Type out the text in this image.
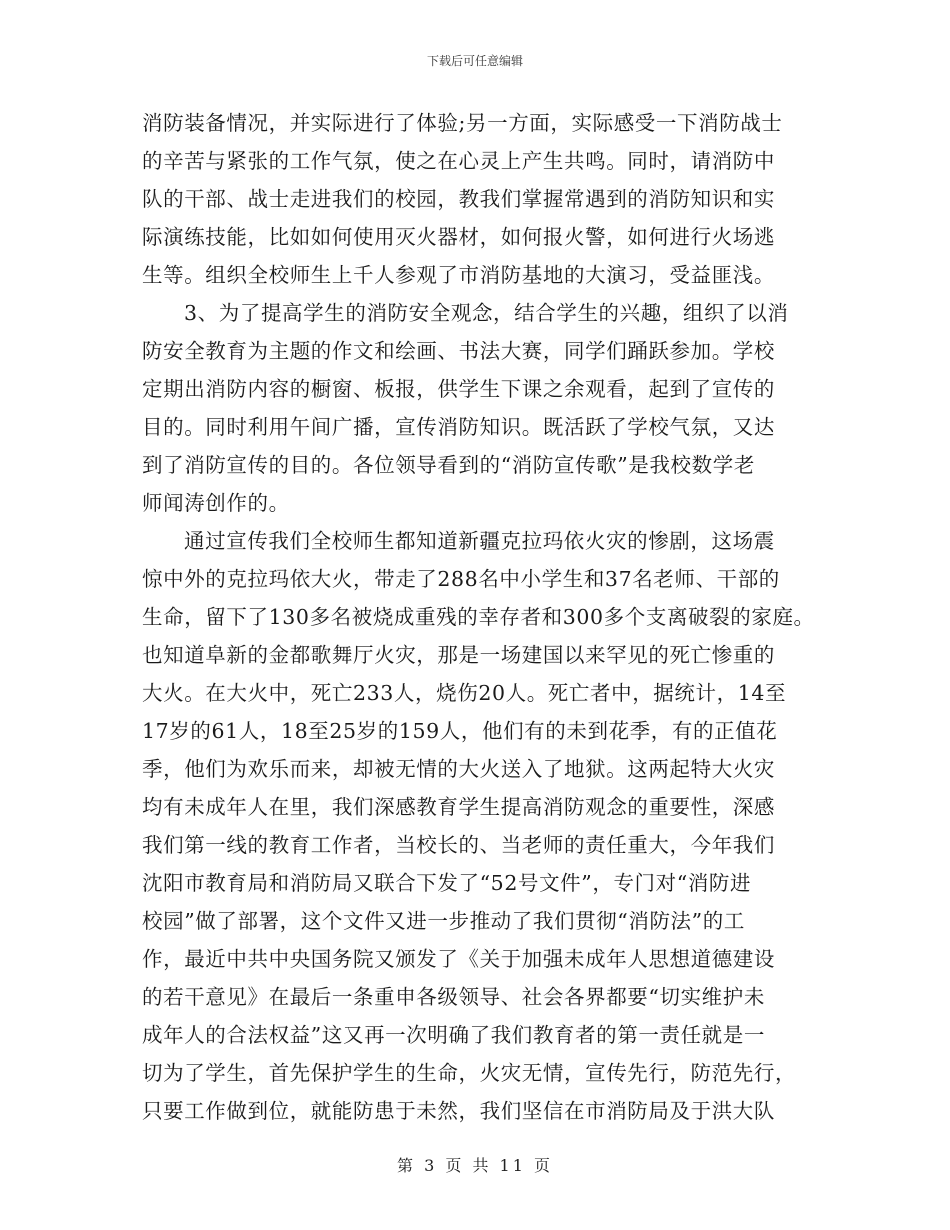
下载后可任意编辑
消防装备情况，并实际进行了体验;另一方面，实际感受一下消防战士
的辛苦与紧张的工作气氛，使之在心灵上产生共鸣。同时，请消防中
队的干部、战士走进我们的校园，教我们掌握常遇到的消防知识和实
际演练技能，比如如何使用灭火器材，如何报火警，如何进行火场逃
生等。组织全校师生上千人参观了市消防基地的大演习，受益匪浅。
3、为了提高学生的消防安全观念，结合学生的兴趣，组织了以消
防安全教育为主题的作文和绘画、书法大赛，同学们踊跃参加。学校
定期出消防内容的橱窗、板报，供学生下课之余观看，起到了宣传的
目的。同时利用午间广播，宣传消防知识。既活跃了学校气氛，又达
到了消防宣传的目的。各位领导看到的“消防宣传歌”是我校数学老
师闻涛创作的。
通过宣传我们全校师生都知道新疆克拉玛依火灾的惨剧，这场震
惊中外的克拉玛依大火，带走了288名中小学生和37名老师、干部的
生命，留下了130多名被烧成重残的幸存者和300多个支离破裂的家庭。
也知道阜新的金都歌舞厅火灾，那是一场建国以来罕见的死亡惨重的
大火。在大火中，死亡233人，烧伤20人。死亡者中，据统计，14至
17岁的61人，18至25岁的159人，他们有的未到花季，有的正值花
季，他们为欢乐而来，却被无情的大火送入了地狱。这两起特大火灾
均有未成年人在里，我们深感教育学生提高消防观念的重要性，深感
我们第一线的教育工作者，当校长的、当老师的责任重大，今年我们
沈阳市教育局和消防局又联合下发了“52号文件”，专门对“消防进
校园”做了部署，这个文件又进一步推动了我们贯彻“消防法”的工
作，最近中共中央国务院又颁发了《关于加强未成年人思想道德建设
的若干意见》在最后一条重申各级领导、社会各界都要“切实维护未
成年人的合法权益”这又再一次明确了我们教育者的第一责任就是一
切为了学生，首先保护学生的生命，火灾无情，宣传先行，防范先行，
只要工作做到位，就能防患于未然，我们坚信在市消防局及于洪大队
第 3 页 共 11 页
